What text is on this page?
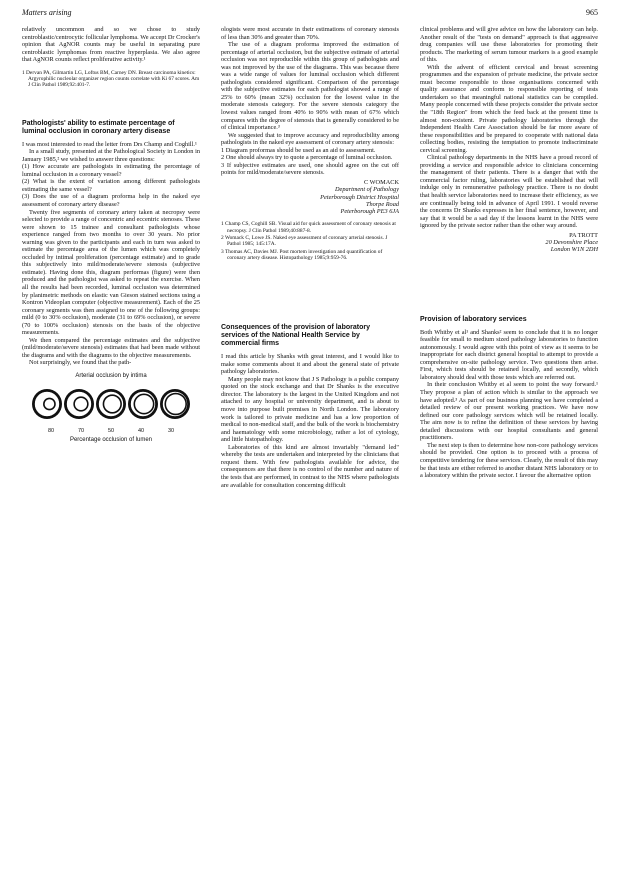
Matters arising	965

relatively uncommon and so we chose to study centroblastic/centrocytic follicular lymphoma. We accept Dr Crocker's opinion that AgNOR counts may be useful in separating pure centroblastic lymphomas from reactive hyperplasia. We also agree that AgNOR counts reflect proliferative activity.¹

1 Dervan PA, Gilmartin LG, Loftus BM, Carney DN. Breast carcinoma kinetics: Argyrophilic nucleolar organizer region counts correlate with Ki 67 scores. Am J Clin Pathol 1989;92:401-7.
Pathologists' ability to estimate percentage of luminal occlusion in coronary artery disease

I was most interested to read the letter from Drs Champ and Coghill.¹

In a small study, presented at the Pathological Society in London in January 1985,² we wished to answer three questions:

(1) How accurate are pathologists in estimating the percentage of luminal occlusion in a coronary vessel?

(2) What is the extent of variation among different pathologists estimating the same vessel?

(3) Does the use of a diagram proforma help in the naked eye assessment of coronary artery disease?

Twenty five segments of coronary artery taken at necropsy were selected to provide a range of concentric and eccentric stenoses. These were shown to 15 trainee and consultant pathologists whose experience ranged from two months to over 30 years. No prior warning was given to the participants and each in turn was asked to estimate the percentage area of the lumen which was completely occluded by intimal proliferation (percentage estimate) and to grade this subjectively into mild/moderate/severe stenosis (subjective estimate). Having done this, diagram performas (figure) were then produced and the pathologist was asked to repeat the exercise. When all the results had been recorded, luminal occlusion was determined by planimetric methods on elastic van Gieson stained sections using a Kontron Videoplan computer (objective measurement). Each of the 25 coronary segments was then assigned to one of the following groups: mild (0 to 30% occlusion), moderate (31 to 69% occlusion), or severe (70 to 100% occlusion) stenosis on the basis of the objective measurements.

We then compared the percentage estimates and the subjective (mild/moderate/severe stenosis) estimates that had been made without the diagrams and with the diagrams to the objective measurements.

Not surprisingly, we found that the path-

Arterial occlusion by intima
80	70	50	40	30
Percentage occlusion of lumen

ologists were most accurate in their estimations of coronary stenosis of less than 30% and greater than 70%.

The use of a diagram proforma improved the estimation of percentage of arterial occlusion, but the subjective estimate of arterial occlusion was not reproducible within this group of pathologists and was not improved by the use of the diagrams. This was because there was a wide range of values for luminal occlusion which different pathologists considered significant. Comparison of the percentage with the subjective estimates for each pathologist showed a range of 25% to 60% (mean 32%) occlusion for the lowest value in the moderate stenosis category. For the severe stenosis category the lowest values ranged from 40% to 90% with mean of 67% which compares with the degree of stenosis that is generally considered to be of clinical importance.³

We suggested that to improve accuracy and reproducibility among pathologists in the naked eye assessment of coronary artery stenosis:

1 Diagram proformas should be used as an aid to assessment.

2 One should always try to quote a percentage of luminal occlusion.

3 If subjective estimates are used, one should agree on the cut off points for mild/moderate/severe stenosis.

C WOMACK
Department of Pathology
Peterborough District Hospital
Thorpe Road
Peterborough PE3 6JA
1 Champ CS, Coghill SB. Visual aid for quick assessment of coronary stenosis at necropsy. J Clin Pathol 1989;40:887-8.
2 Womack C, Lowe JS. Naked eye assessment of coronary arterial stenosis. J Pathol 1985; 145:17A.
3 Thomas AC, Davies MJ. Post mortem investigation and quantification of coronary artery disease. Histopathology 1985;9:959-76.
Consequences of the provision of laboratory services of the National Health Service by commercial firms

I read this article by Shanks with great interest, and I would like to make some comments about it and about the general state of private pathology laboratories.

Many people may not know that J S Pathology is a public company quoted on the stock exchange and that Dr Shanks is the executive director. The laboratory is the largest in the United Kingdom and not attached to any hospital or university department, and is about to move into purpose built premises in North London. The laboratory work is tailored to private medicine and has a low proportion of medical to non-medical staff, and the bulk of the work is biochemistry and haematology with some microbiology, rather a lot of cytology, and little histopathology.

Laboratories of this kind are almost invariably "demand led" whereby the tests are undertaken and interpreted by the clinicians that request them. With few pathologists available for advice, the consequences are that there is no control of the number and nature of the tests that are performed, in contrast to the NHS where pathologists are available for consultation concerning difficult

clinical problems and will give advice on how the laboratory can help. Another result of the "tests on demand" approach is that aggressive drug companies will use these laboratories for promoting their products. The marketing of serum tumour markers is a good example of this.

With the advent of efficient cervical and breast screening programmes and the expansion of private medicine, the private sector must become responsible to those organisations concerned with quality assurance and conform to responsible reporting of tests undertaken so that meaningful national statistics can be compiled. Many people concerned with these projects consider the private sector the "18th Region" from which the feed back at the present time is almost non-existent. Private pathology laboratories through the Independent Health Care Association should be far more aware of these responsibilities and be prepared to cooperate with national data collecting bodies, resisting the temptation to promote indiscriminate cervical screening.

Clinical pathology departments in the NHS have a proud record of providing a service and responsible advice to clinicians concerning the management of their patients. There is a danger that with the commercial factor ruling, laboratories will be established that will indulge only in remunerative pathology practice. There is no doubt that health service laboratories need to increase their efficiency, as we are continually being told in advance of April 1991. I would reverse the concerns Dr Shanks expresses in her final sentence, however, and say that it would be a sad day if the lessons learnt in the NHS were ignored by the private sector rather than the other way around.

PA TROTT
20 Devonshire Place
London W1N 2DH
Provision of laboratory services

Both Whitby et al¹ and Shanks² seem to conclude that it is no longer feasible for small to medium sized pathology laboratories to function autonomously. I would agree with this point of view as it seems to be inappropriate for each district general hospital to attempt to provide a comprehensive on-site pathology service. Two questions then arise. First, which tests should be retained locally, and secondly, which laboratory should deal with those tests which are referred out.

In their conclusion Whitby et al seem to point the way forward.¹ They propose a plan of action which is similar to the approach we have adopted.³ As part of our business planning we have completed a detailed review of our present working practices. We have now defined our core pathology services which will be retained locally. The aim now is to refine the definition of these services by having detailed discussions with our hospital consultants and general practitioners.

The next step is then to determine how non-core pathology services should be provided. One option is to proceed with a process of competitive tendering for these services. Clearly, the result of this may be that tests are either referred to another distant NHS laboratory or to a laboratory within the private sector. I favour the alternative option
